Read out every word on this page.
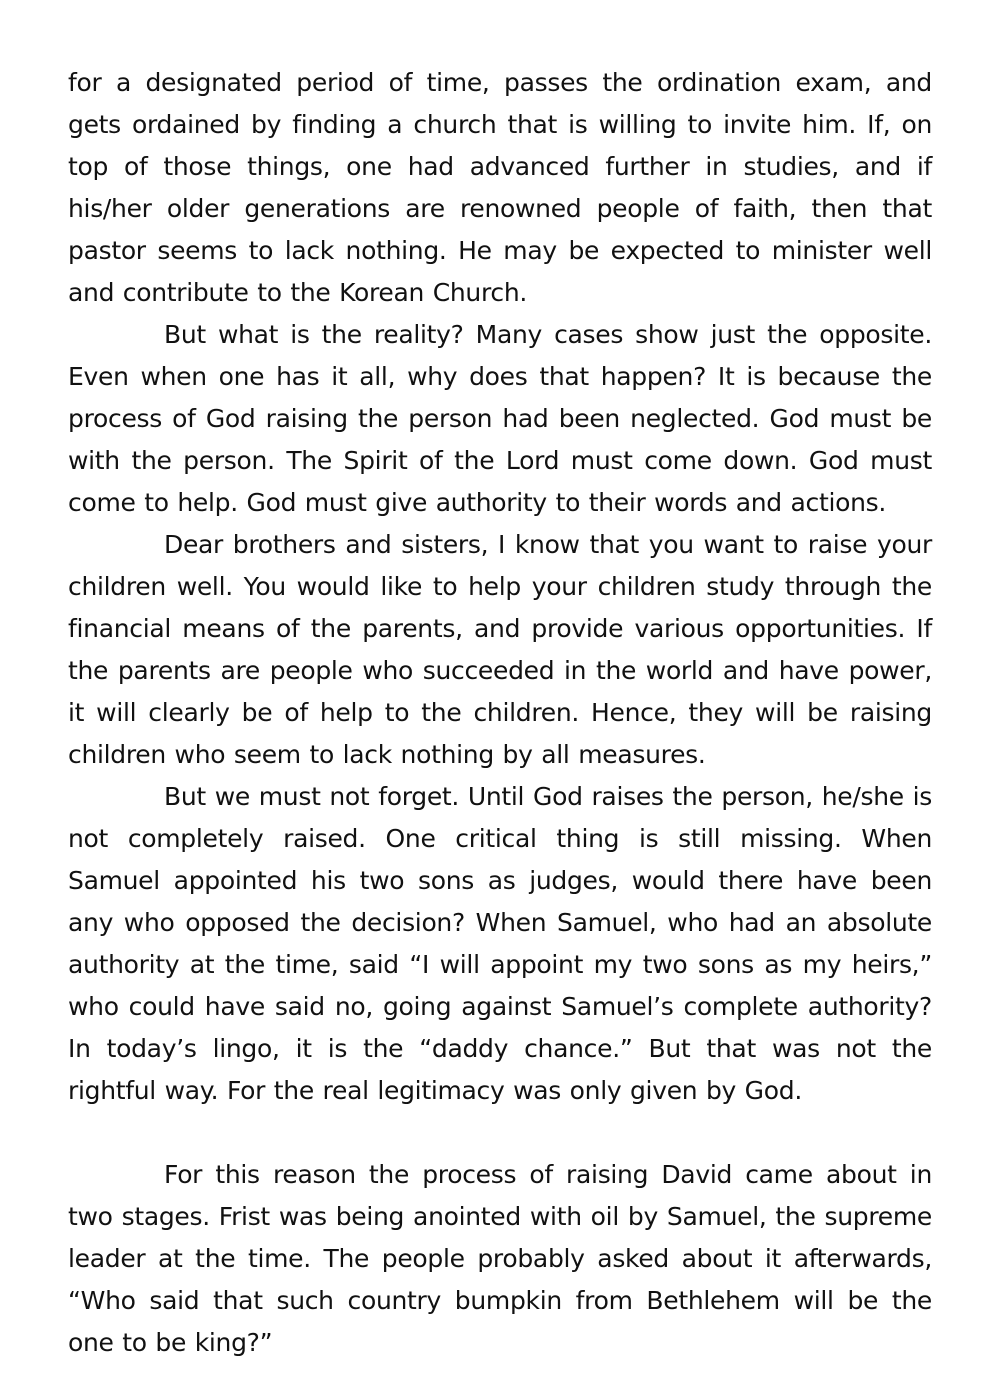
for a designated period of time, passes the ordination exam, and gets ordained by finding a church that is willing to invite him. If, on top of those things, one had advanced further in studies, and if his/her older generations are renowned people of faith, then that pastor seems to lack nothing. He may be expected to minister well and contribute to the Korean Church.

But what is the reality? Many cases show just the opposite. Even when one has it all, why does that happen? It is because the process of God raising the person had been neglected. God must be with the person. The Spirit of the Lord must come down. God must come to help. God must give authority to their words and actions.

Dear brothers and sisters, I know that you want to raise your children well. You would like to help your children study through the financial means of the parents, and provide various opportunities. If the parents are people who succeeded in the world and have power, it will clearly be of help to the children. Hence, they will be raising children who seem to lack nothing by all measures.

But we must not forget. Until God raises the person, he/she is not completely raised. One critical thing is still missing. When Samuel appointed his two sons as judges, would there have been any who opposed the decision? When Samuel, who had an absolute authority at the time, said “I will appoint my two sons as my heirs,” who could have said no, going against Samuel’s complete authority? In today’s lingo, it is the “daddy chance.” But that was not the rightful way. For the real legitimacy was only given by God.

For this reason the process of raising David came about in two stages. Frist was being anointed with oil by Samuel, the supreme leader at the time. The people probably asked about it afterwards, “Who said that such country bumpkin from Bethlehem will be the one to be king?”
